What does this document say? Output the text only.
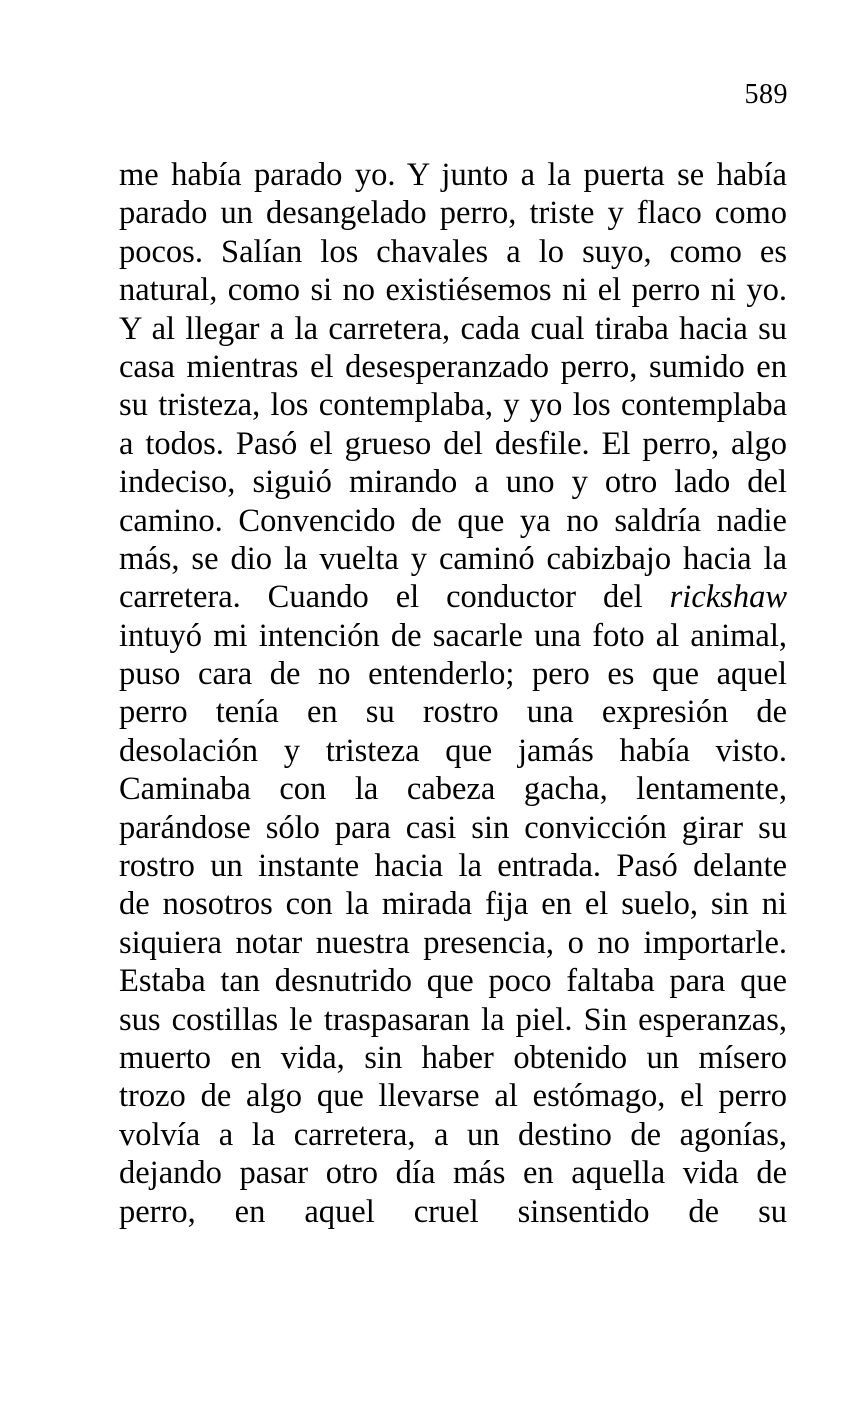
589
me había parado yo. Y junto a la puerta se había
parado un desangelado perro, triste y flaco como
pocos. Salían los chavales a lo suyo, como es
natural, como si no existiésemos ni el perro ni yo.
Y al llegar a la carretera, cada cual tiraba hacia su
casa mientras el desesperanzado perro, sumido en
su tristeza, los contemplaba, y yo los contemplaba
a todos. Pasó el grueso del desfile. El perro, algo
indeciso, siguió mirando a uno y otro lado del
camino. Convencido de que ya no saldría nadie
más, se dio la vuelta y caminó cabizbajo hacia la
carretera. Cuando el conductor del rickshaw
intuyó mi intención de sacarle una foto al animal,
puso cara de no entenderlo; pero es que aquel
perro tenía en su rostro una expresión de
desolación y tristeza que jamás había visto.
Caminaba con la cabeza gacha, lentamente,
parándose sólo para casi sin convicción girar su
rostro un instante hacia la entrada. Pasó delante
de nosotros con la mirada fija en el suelo, sin ni
siquiera notar nuestra presencia, o no importarle.
Estaba tan desnutrido que poco faltaba para que
sus costillas le traspasaran la piel. Sin esperanzas,
muerto en vida, sin haber obtenido un mísero
trozo de algo que llevarse al estómago, el perro
volvía a la carretera, a un destino de agonías,
dejando pasar otro día más en aquella vida de
perro, en aquel cruel sinsentido de su
